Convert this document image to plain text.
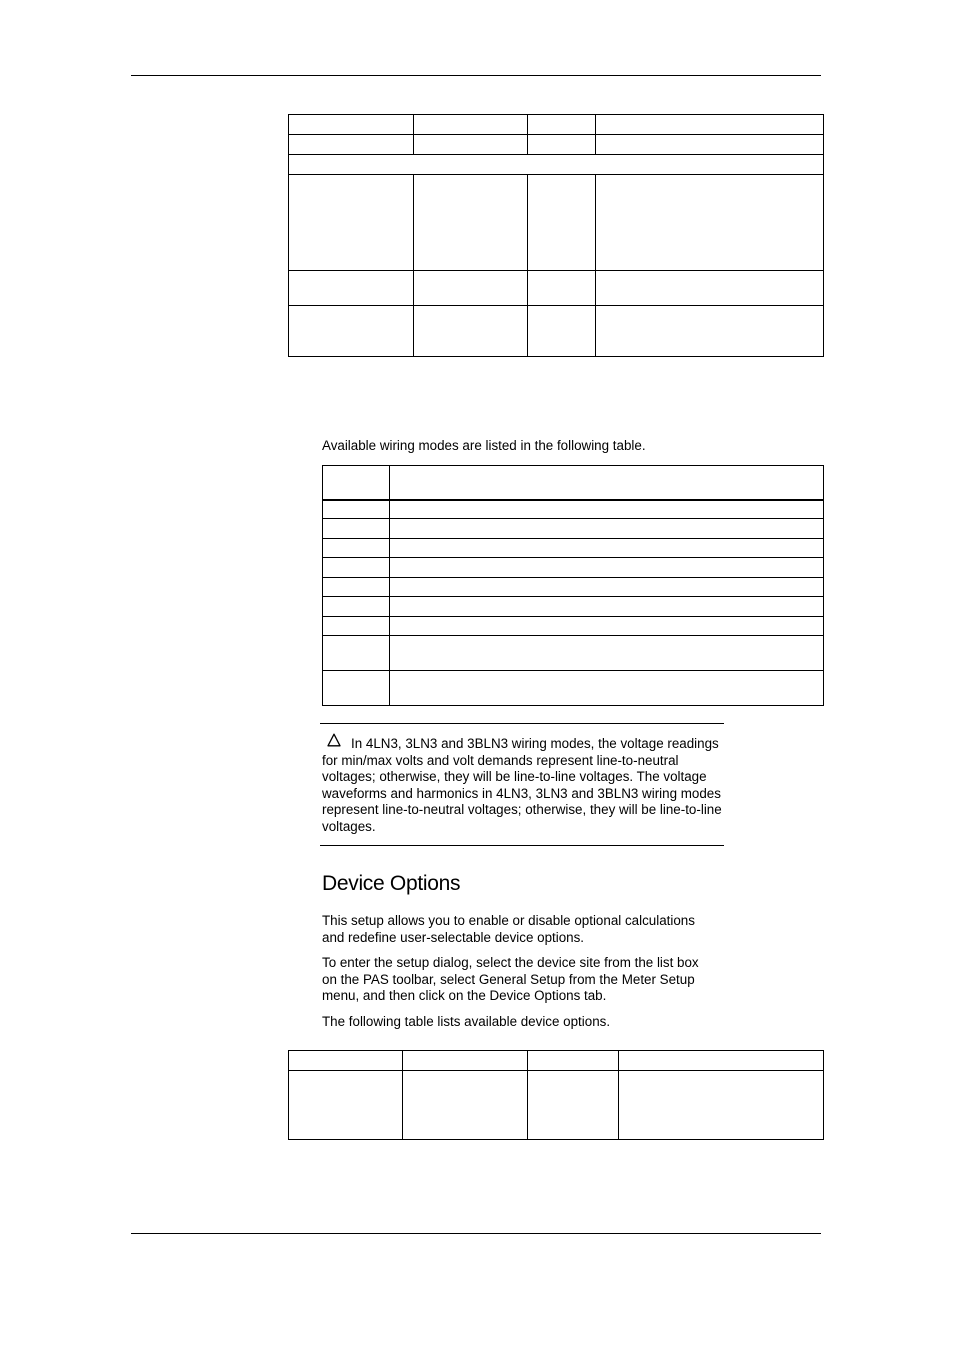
Available wiring modes are listed in the following table.

In 4LN3, 3LN3 and 3BLN3 wiring modes, the voltage readings for min/max volts and volt demands represent line-to-neutral voltages; otherwise, they will be line-to-line voltages. The voltage waveforms and harmonics in 4LN3, 3LN3 and 3BLN3 wiring modes represent line-to-neutral voltages; otherwise, they will be line-to-line voltages.

Device Options

This setup allows you to enable or disable optional calculations and redefine user-selectable device options.

To enter the setup dialog, select the device site from the list box on the PAS toolbar, select General Setup from the Meter Setup menu, and then click on the Device Options tab.

The following table lists available device options.
